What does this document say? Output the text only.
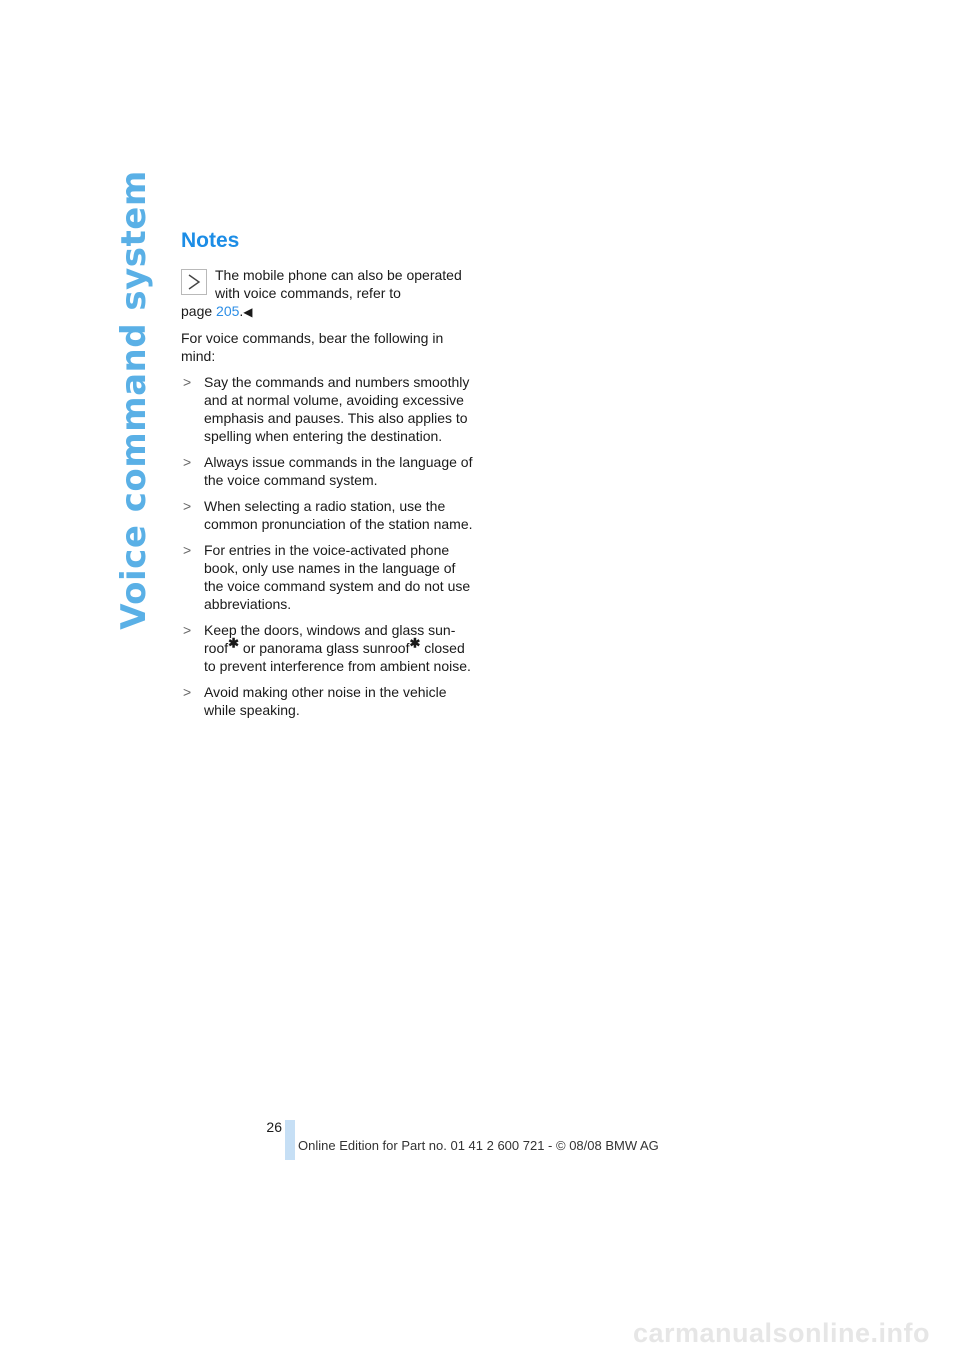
Voice command system Notes

The mobile phone can also be operated
with voice commands, refer to
page 205.◀

For voice commands, bear the following in mind:

> Say the commands and numbers smoothly and at normal volume, avoiding excessive emphasis and pauses. This also applies to spelling when entering the destination.
> Always issue commands in the language of the voice command system.
> When selecting a radio station, use the common pronunciation of the station name.
> For entries in the voice-activated phone book, only use names in the language of the voice command system and do not use abbreviations.
> Keep the doors, windows and glass sun-roof✱ or panorama glass sunroof✱ closed to prevent interference from ambient noise.
> Avoid making other noise in the vehicle while speaking.
26
Online Edition for Part no. 01 41 2 600 721 - © 08/08 BMW AG
carmanualsonline.info
